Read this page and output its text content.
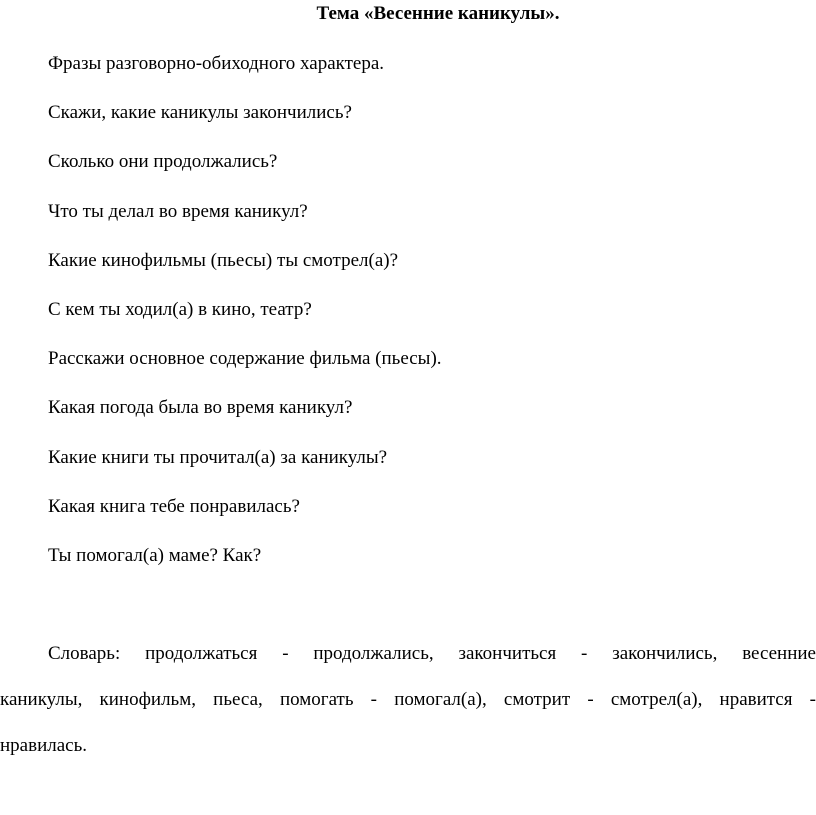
Тема «Весенние каникулы».
Фразы разговорно-обиходного характера.
Скажи, какие каникулы закончились?
Сколько они продолжались?
Что ты делал во время каникул?
Какие кинофильмы (пьесы) ты смотрел(а)?
С кем ты ходил(а) в кино, театр?
Расскажи основное содержание фильма (пьесы).
Какая погода была во время каникул?
Какие книги ты прочитал(а) за каникулы?
Какая книга тебе понравилась?
Ты помогал(а) маме? Как?
Словарь: продолжаться - продолжались, закончиться - закончились, весенние
каникулы, кинофильм, пьеса, помогать - помогал(а), смотрит - смотрел(а), нравится -
нравилась.
